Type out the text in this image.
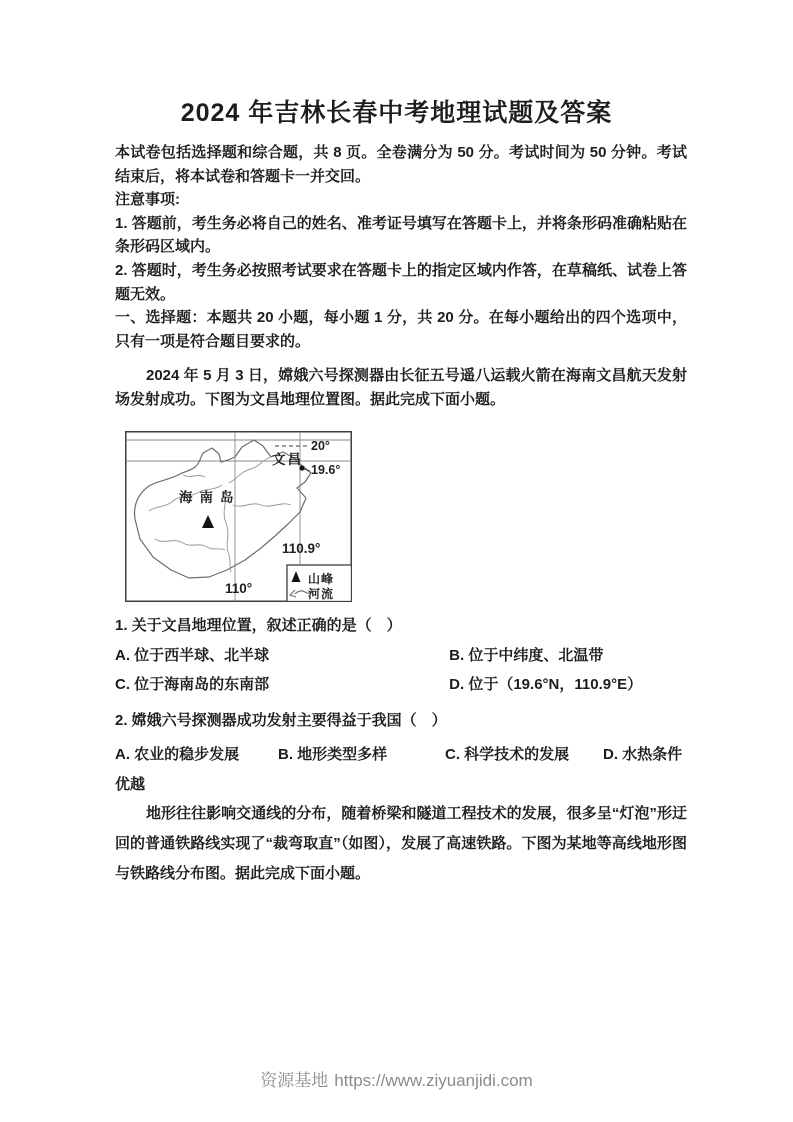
2024 年吉林长春中考地理试题及答案
本试卷包括选择题和综合题，共 8 页。全卷满分为 50 分。考试时间为 50 分钟。考试结束后，将本试卷和答题卡一并交回。
注意事项:
1. 答题前，考生务必将自己的姓名、准考证号填写在答题卡上，并将条形码准确粘贴在条形码区域内。
2. 答题时，考生务必按照考试要求在答题卡上的指定区域内作答，在草稿纸、试卷上答题无效。
一、选择题：本题共 20 小题，每小题 1 分，共 20 分。在每小题给出的四个选项中，只有一项是符合题目要求的。
2024 年 5 月 3 日，嫦娥六号探测器由长征五号遥八运载火箭在海南文昌航天发射场发射成功。下图为文昌地理位置图。据此完成下面小题。
文昌
海南岛
20°
19.6°
110.9°
110°
山峰
河流
1. 关于文昌地理位置，叙述正确的是（　）
A. 位于西半球、北半球	B. 位于中纬度、北温带
C. 位于海南岛的东南部	D. 位于（19.6°N，110.9°E）
2. 嫦娥六号探测器成功发射主要得益于我国（　）
A. 农业的稳步发展	B. 地形类型多样	C. 科学技术的发展 D. 水热条件优越
地形往往影响交通线的分布，随着桥梁和隧道工程技术的发展，很多呈“灯泡”形迂回的普通铁路线实现了“裁弯取直”（如图），发展了高速铁路。下图为某地等高线地形图与铁路线分布图。据此完成下面小题。
资源基地 https://www.ziyuanjidi.com
